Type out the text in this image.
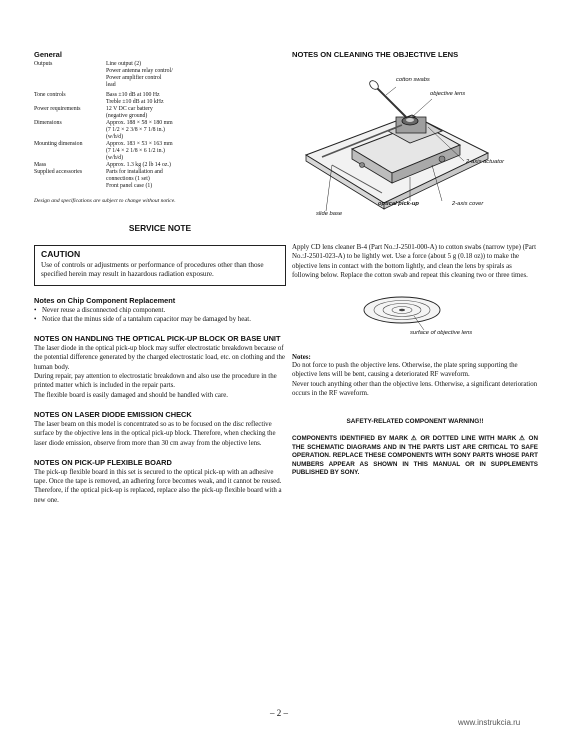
General
Outputs	Line output (2)
Power antenna relay control/
Power amplifier control
lead
Tone controls	Bass ±10 dB at 100 Hz
Treble ±10 dB at 10 kHz
Power requirements	12 V DC car battery
(negative ground)
Dimensions	Approx. 188 × 58 × 180 mm
(7 1/2 × 2 3/8 × 7 1/8 in.)
(w/h/d)
Mounting dimension	Approx. 183 × 53 × 163 mm
(7 1/4 × 2 1/8 × 6 1/2 in.)
(w/h/d)
Mass	Approx. 1.3 kg (2 lb 14 oz.)
Supplied accessories	Parts for installation and
connections (1 set)
Front panel case (1)
Design and specifications are subject to change without notice.
SERVICE NOTE
CAUTION
Use of controls or adjustments or performance of procedures other than those specified herein may result in hazardous radiation exposure.
Notes on Chip Component Replacement
• Never reuse a disconnected chip component.
• Notice that the minus side of a tantalum capacitor may be damaged by heat.
NOTES ON HANDLING THE OPTICAL PICK-UP BLOCK OR BASE UNIT

The laser diode in the optical pick-up block may suffer electrostatic breakdown because of the potential difference generated by the charged electrostatic load, etc. on clothing and the human body.

During repair, pay attention to electrostatic breakdown and also use the procedure in the printed matter which is included in the repair parts.

The flexible board is easily damaged and should be handled with care.

NOTES ON LASER DIODE EMISSION CHECK

The laser beam on this model is concentrated so as to be focused on the disc reflective surface by the objective lens in the optical pick-up block. Therefore, when checking the laser diode emission, observe from more than 30 cm away from the objective lens.

NOTES ON PICK-UP FLEXIBLE BOARD

The pick-up flexible board in this set is secured to the optical pick-up with an adhesive tape. Once the tape is removed, an adhering force becomes weak, and it cannot be reused.

Therefore, if the optical pick-up is replaced, replace also the pick-up flexible board with a new one.

NOTES ON CLEANING THE OBJECTIVE LENS
cotton swabs
objective lens
2-axis actuator
optical pick-up	2-axis cover
slide base
Apply CD lens cleaner B-4 (Part No.:J-2501-000-A) to cotton swabs (narrow type) (Part No.:J-2501-023-A) to be lightly wet. Use a force (about 5 g (0.18 oz)) to make the objective lens in contact with the bottom lightly, and clean the lens by spirals as following below. Replace the cotton swab and repeat this cleaning two or three times.
surface of objective lens
Notes:

Do not force to push the objective lens. Otherwise, the plate spring supporting the objective lens will be bent, causing a deteriorated RF waveform.

Never touch anything other than the objective lens. Otherwise, a significant deterioration occurs in the RF waveform.

SAFETY-RELATED COMPONENT WARNING!!
COMPONENTS IDENTIFIED BY MARK ⚠ OR DOTTED LINE WITH MARK ⚠ ON THE SCHEMATIC DIAGRAMS AND IN THE PARTS LIST ARE CRITICAL TO SAFE OPERATION. REPLACE THESE COMPONENTS WITH SONY PARTS WHOSE PART NUMBERS APPEAR AS SHOWN IN THIS MANUAL OR IN SUPPLEMENTS PUBLISHED BY SONY.
– 2 –
www.instrukcia.ru
